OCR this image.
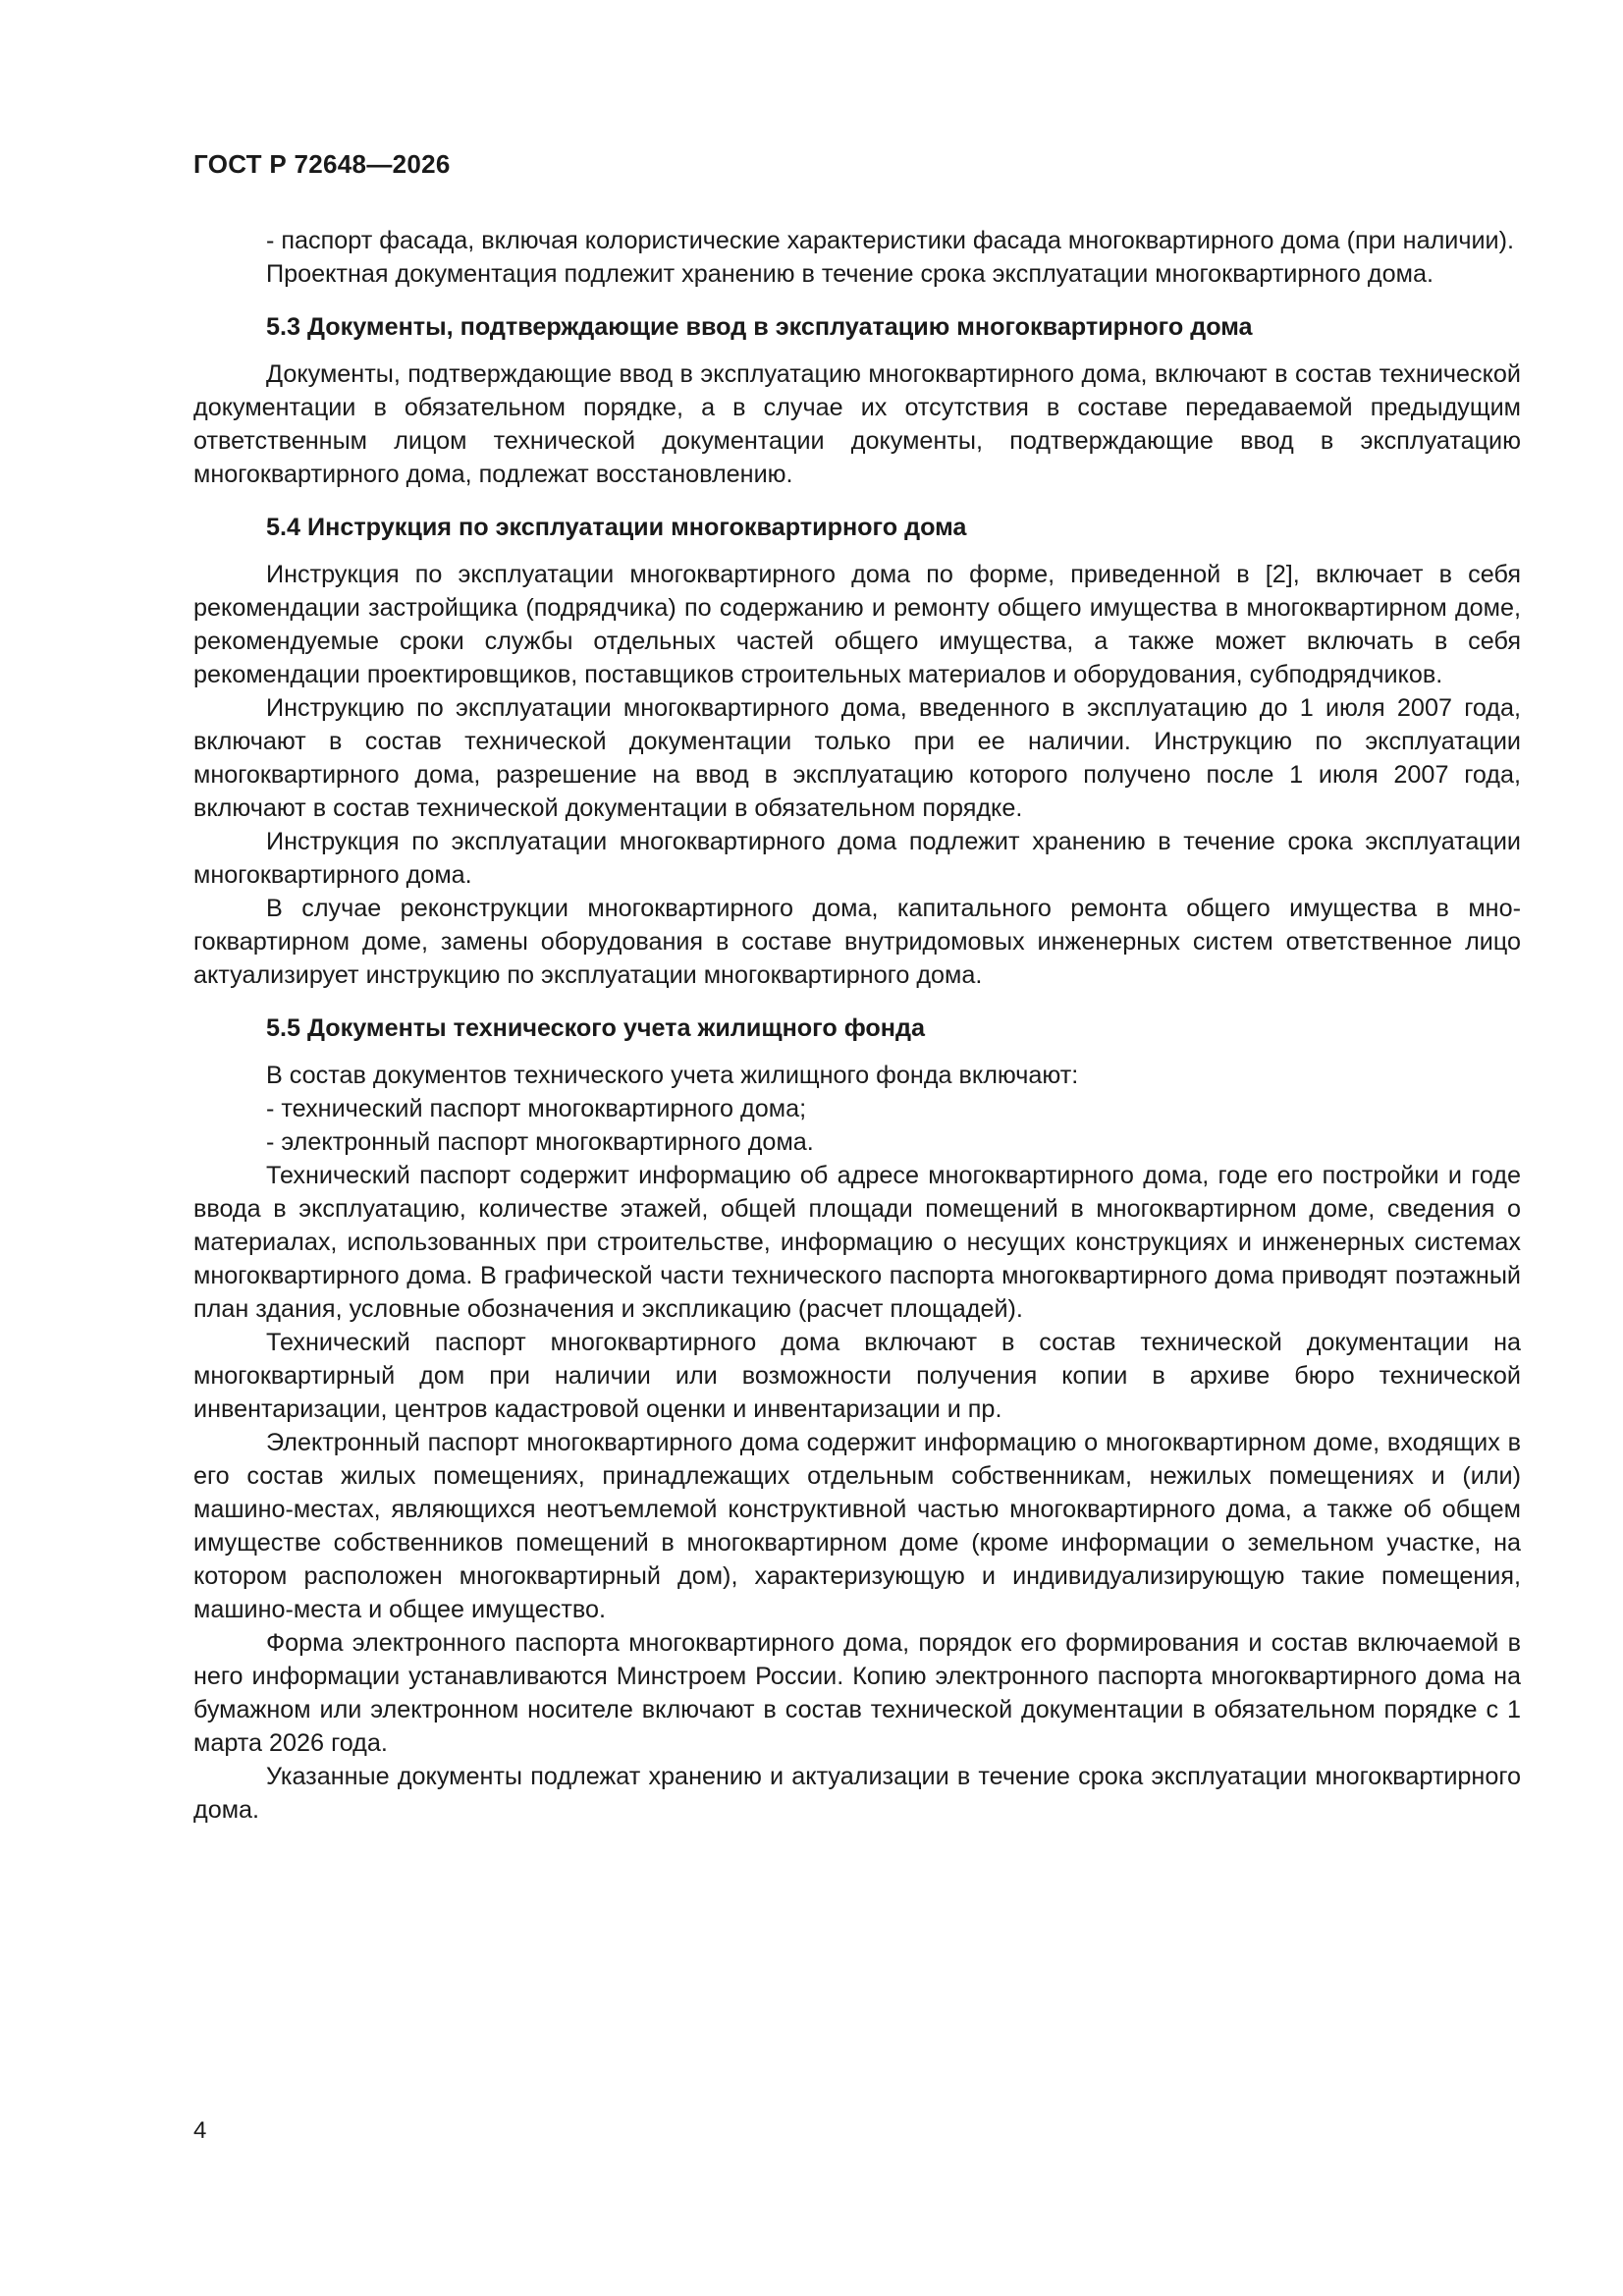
ГОСТ Р 72648—2026

- паспорт фасада, включая колористические характеристики фасада многоквартирного дома (при наличии).

Проектная документация подлежит хранению в течение срока эксплуатации многоквартирного дома.

5.3 Документы, подтверждающие ввод в эксплуатацию многоквартирного дома

Документы, подтверждающие ввод в эксплуатацию многоквартирного дома, включают в состав технической документации в обязательном порядке, а в случае их отсутствия в составе передаваемой предыдущим ответственным лицом технической документации документы, подтверждающие ввод в эксплуатацию многоквартирного дома, подлежат восстановлению.

5.4 Инструкция по эксплуатации многоквартирного дома

Инструкция по эксплуатации многоквартирного дома по форме, приведенной в [2], включает в себя рекомендации застройщика (подрядчика) по содержанию и ремонту общего имущества в многоквартирном доме, рекомендуемые сроки службы отдельных частей общего имущества, а также может включать в себя рекомендации проектировщиков, поставщиков строительных материалов и оборудования, субподрядчиков.

Инструкцию по эксплуатации многоквартирного дома, введенного в эксплуатацию до 1 июля 2007 года, включают в состав технической документации только при ее наличии. Инструкцию по эксплуатации многоквартирного дома, разрешение на ввод в эксплуатацию которого получено после 1 июля 2007 года, включают в состав технической документации в обязательном порядке.

Инструкция по эксплуатации многоквартирного дома подлежит хранению в течение срока эксплуатации многоквартирного дома.

В случае реконструкции многоквартирного дома, капитального ремонта общего имущества в многоквартирном доме, замены оборудования в составе внутридомовых инженерных систем ответственное лицо актуализирует инструкцию по эксплуатации многоквартирного дома.

5.5 Документы технического учета жилищного фонда

В состав документов технического учета жилищного фонда включают:

- технический паспорт многоквартирного дома;

- электронный паспорт многоквартирного дома.

Технический паспорт содержит информацию об адресе многоквартирного дома, годе его постройки и годе ввода в эксплуатацию, количестве этажей, общей площади помещений в многоквартирном доме, сведения о материалах, использованных при строительстве, информацию о несущих конструкциях и инженерных системах многоквартирного дома. В графической части технического паспорта многоквартирного дома приводят поэтажный план здания, условные обозначения и экспликацию (расчет площадей).

Технический паспорт многоквартирного дома включают в состав технической документации на многоквартирный дом при наличии или возможности получения копии в архиве бюро технической инвентаризации, центров кадастровой оценки и инвентаризации и пр.

Электронный паспорт многоквартирного дома содержит информацию о многоквартирном доме, входящих в его состав жилых помещениях, принадлежащих отдельным собственникам, нежилых помещениях и (или) машино-местах, являющихся неотъемлемой конструктивной частью многоквартирного дома, а также об общем имуществе собственников помещений в многоквартирном доме (кроме информации о земельном участке, на котором расположен многоквартирный дом), характеризующую и индивидуализирующую такие помещения, машино-места и общее имущество.

Форма электронного паспорта многоквартирного дома, порядок его формирования и состав включаемой в него информации устанавливаются Минстроем России. Копию электронного паспорта многоквартирного дома на бумажном или электронном носителе включают в состав технической документации в обязательном порядке с 1 марта 2026 года.

Указанные документы подлежат хранению и актуализации в течение срока эксплуатации многоквартирного дома.

4
